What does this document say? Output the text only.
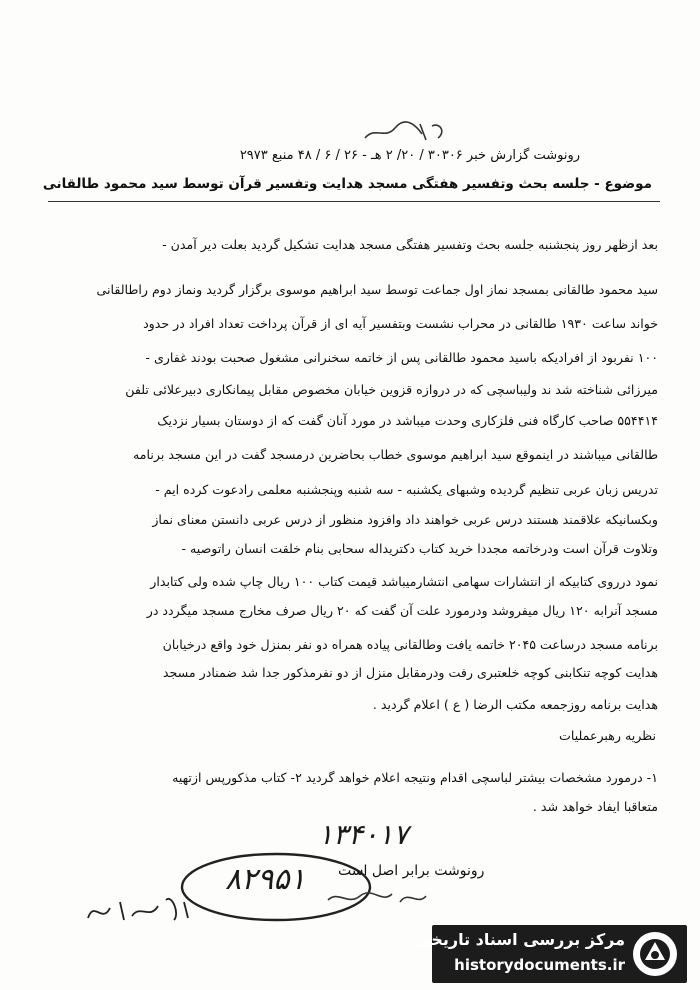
رونوشت گزارش خبر ۳۰۳۰۶ / ۲۰/ ۲ هـ - ۲۶ / ۶ / ۴۸ منبع ۲۹۷۳
موضوع - جلسه بحث وتفسیر هفتگی مسجد هدایت وتفسیر قرآن توسط سید محمود طالقانی
بعد ازظهر روز پنجشنبه جلسه بحث وتفسیر هفتگی مسجد هدایت تشکیل گردید بعلت دیر آمدن -
سید محمود طالقانی بمسجد نماز اول جماعت توسط سید ابراهیم موسوی برگزار گردید ونماز دوم راطالقانی
خواند ساعت ۱۹۳۰ طالقانی در محراب نشست وبتفسیر آیه ای از قرآن پرداخت تعداد افراد در حدود
۱۰۰ نفربود از افرادیکه باسید محمود طالقانی پس از خاتمه سخنرانی مشغول صحبت بودند غفاری -
میرزائی شناخته شد ند ولیباسچی که در دروازه قزوین خیابان مخصوص مقابل پیمانکاری دبیرعلائی تلفن
۵۵۴۴۱۴ صاحب کارگاه فنی فلزکاری وحدت میباشد در مورد آنان گفت که از دوستان بسیار نزدیک
طالقانی میباشند در اینموقع سید ابراهیم موسوی خطاب بحاضرین درمسجد گفت در این مسجد برنامه
تدریس زبان عربی تنظیم گردیده وشبهای یکشنبه - سه شنبه وپنجشنبه معلمی رادعوت کرده ایم -
وبکسانیکه علاقمند هستند درس عربی خواهند داد وافزود منظور از درس عربی دانستن معنای نماز
وتلاوت قرآن است ودرخاتمه مجددا خرید کتاب دکتریداله سحابی بنام خلقت انسان راتوصیه -
نمود درروی کتابیکه از انتشارات سهامی انتشارمیباشد قیمت کتاب ۱۰۰ ریال چاپ شده ولی کتابدار
مسجد آنرابه ۱۲۰ ریال میفروشد ودرمورد علت آن گفت که ۲۰ ریال صرف مخارج مسجد میگردد در
برنامه مسجد درساعت ۲۰۴۵ خاتمه یافت وطالقانی پیاده همراه دو نفر بمنزل خود واقع درخیابان
هدایت کوچه تنکابنی کوچه خلعتبری رفت ودرمقابل منزل از دو نفرمذکور جدا شد ضمنادر مسجد
هدایت برنامه روزجمعه مکتب الرضا ( ع ) اعلام گردید .
نظریه رهبرعملیات
۱- درمورد مشخصات بیشتر لباسچی اقدام ونتیجه اعلام خواهد گردید ۲- کتاب مذکورپس ازتهیه
متعاقبا ایفاد خواهد شد .
۱۳۴۰۱۷
۸۲۹۵۱ رونوشت برابر اصل است
مرکز بررسی اسناد تاریخی
historydocuments.ir
